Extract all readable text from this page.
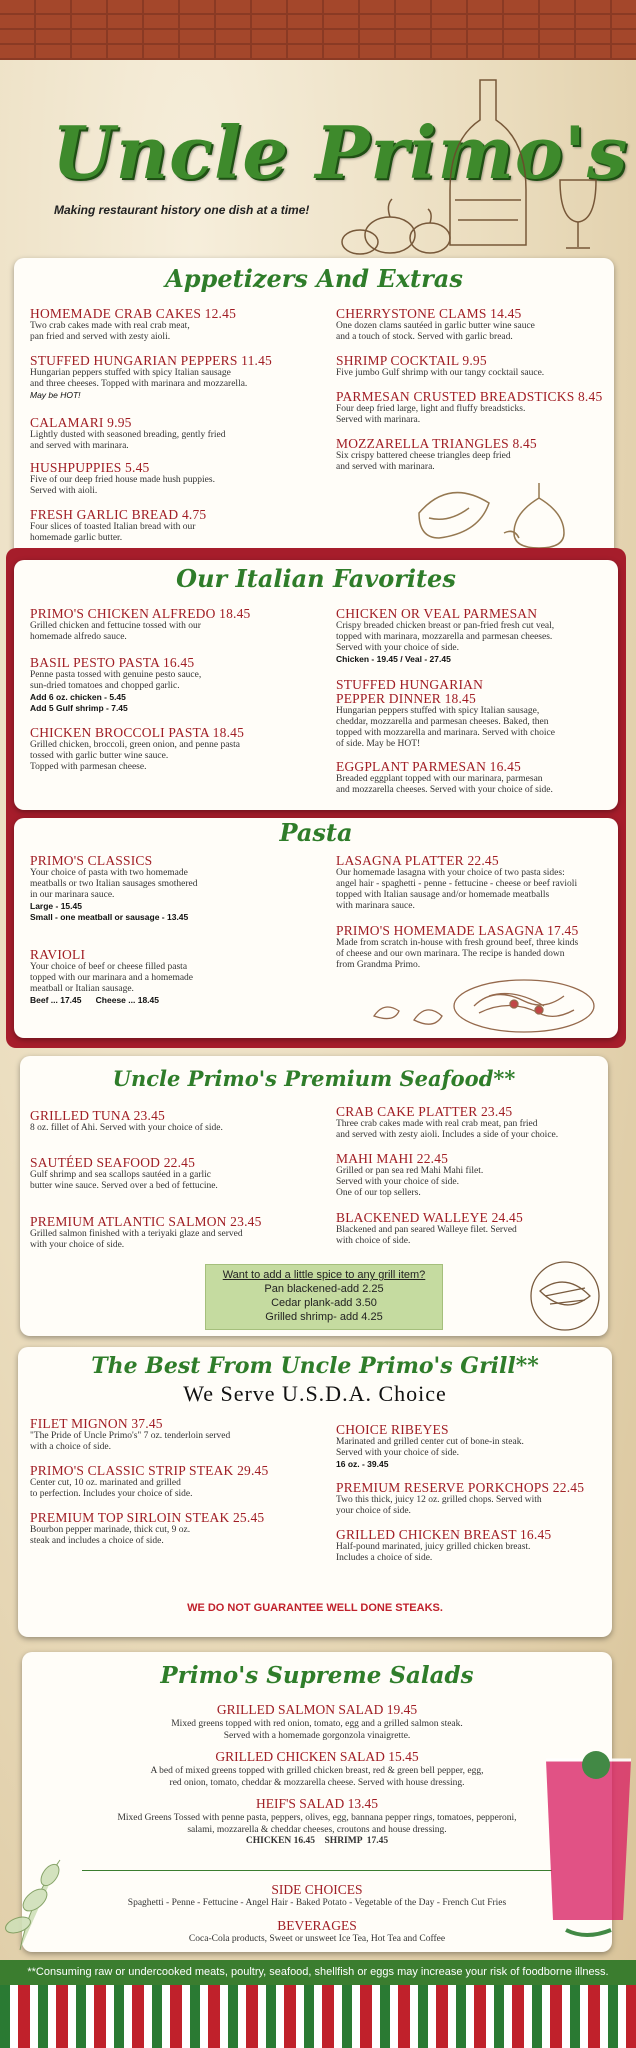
Uncle Primo's
Making restaurant history one dish at a time!
Appetizers And Extras
HOMEMADE CRAB CAKES 12.45
Two crab cakes made with real crab meat,
pan fried and served with zesty aioli.
STUFFED HUNGARIAN PEPPERS 11.45
Hungarian peppers stuffed with spicy Italian sausage
and three cheeses. Topped with marinara and mozzarella.
May be HOT!
CALAMARI 9.95
Lightly dusted with seasoned breading, gently fried
and served with marinara.
HUSHPUPPIES 5.45
Five of our deep fried house made hush puppies.
Served with aioli.
FRESH GARLIC BREAD 4.75
Four slices of toasted Italian bread with our
homemade garlic butter.
CHERRYSTONE CLAMS 14.45
One dozen clams sautéed in garlic butter wine sauce
and a touch of stock. Served with garlic bread.
SHRIMP COCKTAIL 9.95
Five jumbo Gulf shrimp with our tangy cocktail sauce.
PARMESAN CRUSTED BREADSTICKS 8.45
Four deep fried large, light and fluffy breadsticks.
Served with marinara.
MOZZARELLA TRIANGLES 8.45
Six crispy battered cheese triangles deep fried
and served with marinara.
Our Italian Favorites
PRIMO'S CHICKEN ALFREDO 18.45
Grilled chicken and fettucine tossed with our
homemade alfredo sauce.
BASIL PESTO PASTA 16.45
Penne pasta tossed with genuine pesto sauce,
sun-dried tomatoes and chopped garlic.
Add 6 oz. chicken - 5.45
Add 5 Gulf shrimp - 7.45
CHICKEN BROCCOLI PASTA 18.45
Grilled chicken, broccoli, green onion, and penne pasta
tossed with garlic butter wine sauce.
Topped with parmesan cheese.
CHICKEN OR VEAL PARMESAN
Crispy breaded chicken breast or pan-fried fresh cut veal,
topped with marinara, mozzarella and parmesan cheeses.
Served with your choice of side.
Chicken - 19.45 / Veal - 27.45
STUFFED HUNGARIAN
PEPPER DINNER 18.45
Hungarian peppers stuffed with spicy Italian sausage,
cheddar, mozzarella and parmesan cheeses. Baked, then
topped with mozzarella and marinara. Served with choice
of side. May be HOT!
EGGPLANT PARMESAN 16.45
Breaded eggplant topped with our marinara, parmesan
and mozzarella cheeses. Served with your choice of side.
Pasta
PRIMO'S CLASSICS
Your choice of pasta with two homemade
meatballs or two Italian sausages smothered
in our marinara sauce.
Large - 15.45
Small - one meatball or sausage - 13.45
RAVIOLI
Your choice of beef or cheese filled pasta
topped with our marinara and a homemade
meatball or Italian sausage.
Beef ... 17.45      Cheese ... 18.45
LASAGNA PLATTER 22.45
Our homemade lasagna with your choice of two pasta sides:
angel hair - spaghetti - penne - fettucine - cheese or beef ravioli
topped with Italian sausage and/or homemade meatballs
with marinara sauce.
PRIMO'S HOMEMADE LASAGNA 17.45
Made from scratch in-house with fresh ground beef, three kinds
of cheese and our own marinara. The recipe is handed down
from Grandma Primo.
Uncle Primo's Premium Seafood**
GRILLED TUNA 23.45
8 oz. fillet of Ahi. Served with your choice of side.
SAUTÉED SEAFOOD 22.45
Gulf shrimp and sea scallops sautéed in a garlic
butter wine sauce. Served over a bed of fettucine.
PREMIUM ATLANTIC SALMON 23.45
Grilled salmon finished with a teriyaki glaze and served
with your choice of side.
CRAB CAKE PLATTER 23.45
Three crab cakes made with real crab meat, pan fried
and served with zesty aioli. Includes a side of your choice.
MAHI MAHI 22.45
Grilled or pan sea red Mahi Mahi filet.
Served with your choice of side.
One of our top sellers.
BLACKENED WALLEYE 24.45
Blackened and pan seared Walleye filet. Served
with choice of side.
Want to add a little spice to any grill item?
Pan blackened-add 2.25
Cedar plank-add 3.50
Grilled shrimp- add 4.25
The Best From Uncle Primo's Grill**
We Serve U.S.D.A. Choice
FILET MIGNON 37.45
"The Pride of Uncle Primo's" 7 oz. tenderloin served
with a choice of side.
PRIMO'S CLASSIC STRIP STEAK 29.45
Center cut, 10 oz. marinated and grilled
to perfection. Includes your choice of side.
PREMIUM TOP SIRLOIN STEAK 25.45
Bourbon pepper marinade, thick cut, 9 oz.
steak and includes a choice of side.
CHOICE RIBEYES
Marinated and grilled center cut of bone-in steak.
Served with your choice of side.
16 oz. - 39.45
PREMIUM RESERVE PORKCHOPS 22.45
Two this thick, juicy 12 oz. grilled chops. Served with
your choice of side.
GRILLED CHICKEN BREAST 16.45
Half-pound marinated, juicy grilled chicken breast.
Includes a choice of side.
WE DO NOT GUARANTEE WELL DONE STEAKS.
Primo's Supreme Salads
GRILLED SALMON SALAD 19.45
Mixed greens topped with red onion, tomato, egg and a grilled salmon steak.
Served with a homemade gorgonzola vinaigrette.
GRILLED CHICKEN SALAD 15.45
A bed of mixed greens topped with grilled chicken breast, red & green bell pepper, egg,
red onion, tomato, cheddar & mozzarella cheese. Served with house dressing.
HEIF'S SALAD 13.45
Mixed Greens Tossed with penne pasta, peppers, olives, egg, bannana pepper rings, tomatoes, pepperoni,
salami, mozzarella & cheddar cheeses, croutons and house dressing.
CHICKEN 16.45    SHRIMP  17.45
SIDE CHOICES
Spaghetti - Penne - Fettucine - Angel Hair - Baked Potato - Vegetable of the Day - French Cut Fries
BEVERAGES
Coca-Cola products, Sweet or unsweet Ice Tea, Hot Tea and Coffee
**Consuming raw or undercooked meats, poultry, seafood, shellfish or eggs may increase your risk of foodborne illness.
